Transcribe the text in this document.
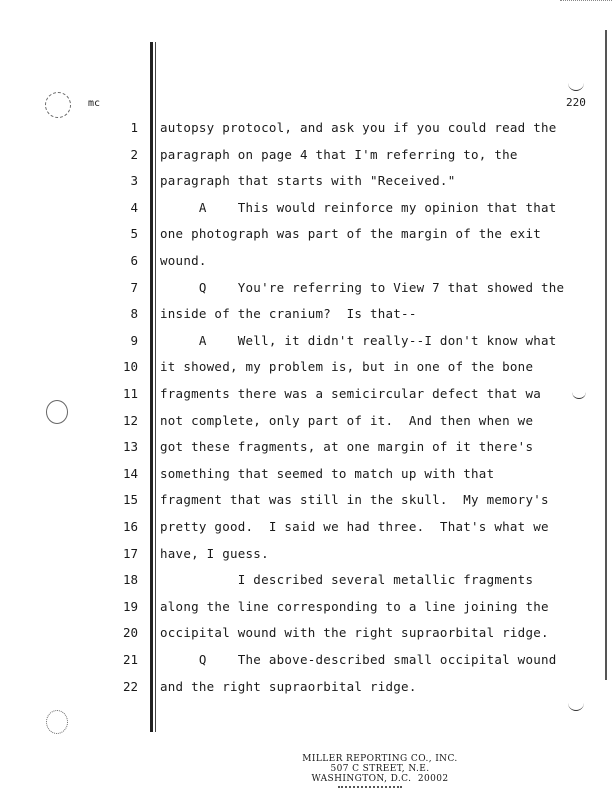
mc	220
1 autopsy protocol, and ask you if you could read the
2 paragraph on page 4 that I'm referring to, the
3 paragraph that starts with "Received."
4 A    This would reinforce my opinion that that
5 one photograph was part of the margin of the exit
6 wound.
7 Q    You're referring to View 7 that showed the
8 inside of the cranium?  Is that--
9 A    Well, it didn't really--I don't know what
10 it showed, my problem is, but in one of the bone
11 fragments there was a semicircular defect that wa
12 not complete, only part of it.  And then when we
13 got these fragments, at one margin of it there's
14 something that seemed to match up with that
15 fragment that was still in the skull.  My memory's
16 pretty good.  I said we had three.  That's what we
17 have, I guess.
18 I described several metallic fragments
19 along the line corresponding to a line joining the
20 occipital wound with the right supraorbital ridge.
21 Q    The above-described small occipital wound
22 and the right supraorbital ridge.
MILLER REPORTING CO., INC.
507 C STREET, N.E.
WASHINGTON, D.C.  20002
